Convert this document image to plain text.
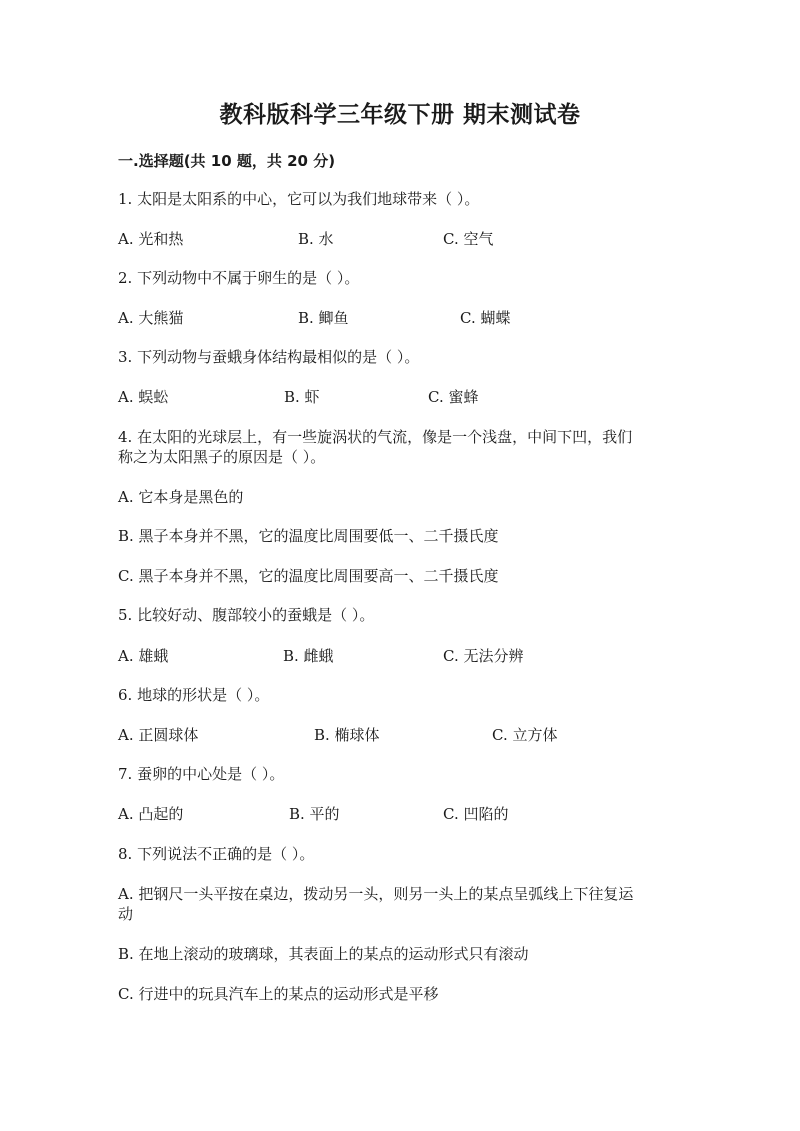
教科版科学三年级下册 期末测试卷
一.选择题(共 10 题，共 20 分)
1. 太阳是太阳系的中心，它可以为我们地球带来（ ）。
A. 光和热	B. 水	C. 空气
2. 下列动物中不属于卵生的是（ ）。
A. 大熊猫	B. 鲫鱼	C. 蝴蝶
3. 下列动物与蚕蛾身体结构最相似的是（ ）。
A. 蜈蚣	B. 虾	C. 蜜蜂
4. 在太阳的光球层上，有一些旋涡状的气流，像是一个浅盘，中间下凹，我们
称之为太阳黑子的原因是（ ）。
A. 它本身是黑色的
B. 黑子本身并不黑，它的温度比周围要低一、二千摄氏度
C. 黑子本身并不黑，它的温度比周围要高一、二千摄氏度
5. 比较好动、腹部较小的蚕蛾是（ ）。
A. 雄蛾	B. 雌蛾	C. 无法分辨
6. 地球的形状是（ ）。
A. 正圆球体	B. 椭球体	C. 立方体
7. 蚕卵的中心处是（ ）。
A. 凸起的	B. 平的	C. 凹陷的
8. 下列说法不正确的是（ ）。
A. 把钢尺一头平按在桌边，拨动另一头，则另一头上的某点呈弧线上下往复运
动
B. 在地上滚动的玻璃球，其表面上的某点的运动形式只有滚动
C. 行进中的玩具汽车上的某点的运动形式是平移
